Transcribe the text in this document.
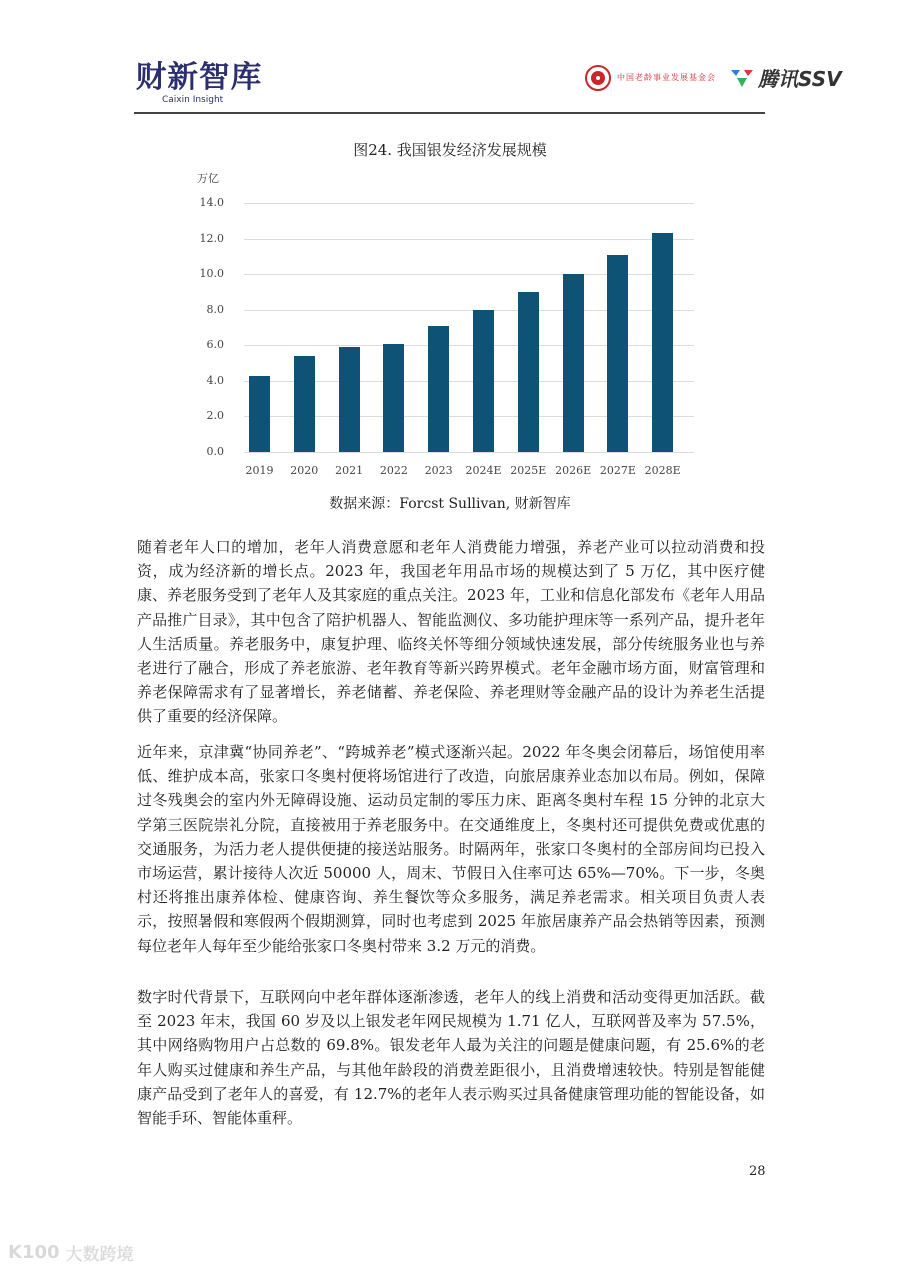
财新智库
Caixin Insight
中国老龄事业发展基金会 腾讯SSV
图24. 我国银发经济发展规模
万亿
0.0
2.0
4.0
6.0
8.0
10.0
12.0
14.0
2019	2020	2021	2022	2023	2024E 2025E 2026E 2027E 2028E
数据来源：Forcst Sullivan, 财新智库
随着老年人口的增加，老年人消费意愿和老年人消费能力增强，养老产业可以拉动消费和投资，成为经济新的增长点。2023 年，我国老年用品市场的规模达到了 5 万亿，其中医疗健康、养老服务受到了老年人及其家庭的重点关注。2023 年，工业和信息化部发布《老年人用品产品推广目录》，其中包含了陪护机器人、智能监测仪、多功能护理床等一系列产品，提升老年人生活质量。养老服务中，康复护理、临终关怀等细分领域快速发展，部分传统服务业也与养老进行了融合，形成了养老旅游、老年教育等新兴跨界模式。老年金融市场方面，财富管理和养老保障需求有了显著增长，养老储蓄、养老保险、养老理财等金融产品的设计为养老生活提供了重要的经济保障。
近年来，京津冀“协同养老”、“跨城养老”模式逐渐兴起。2022 年冬奥会闭幕后，场馆使用率低、维护成本高，张家口冬奥村便将场馆进行了改造，向旅居康养业态加以布局。例如，保障过冬残奥会的室内外无障碍设施、运动员定制的零压力床、距离冬奥村车程 15 分钟的北京大学第三医院崇礼分院，直接被用于养老服务中。在交通维度上，冬奥村还可提供免费或优惠的交通服务，为活力老人提供便捷的接送站服务。时隔两年，张家口冬奥村的全部房间均已投入市场运营，累计接待人次近 50000 人，周末、节假日入住率可达 65%—70%。下一步，冬奥村还将推出康养体检、健康咨询、养生餐饮等众多服务，满足养老需求。相关项目负责人表示，按照暑假和寒假两个假期测算，同时也考虑到 2025 年旅居康养产品会热销等因素，预测每位老年人每年至少能给张家口冬奥村带来 3.2 万元的消费。
数字时代背景下，互联网向中老年群体逐渐渗透，老年人的线上消费和活动变得更加活跃。截至 2023 年末，我国 60 岁及以上银发老年网民规模为 1.71 亿人，互联网普及率为 57.5%，其中网络购物用户占总数的 69.8%。银发老年人最为关注的问题是健康问题，有 25.6%的老年人购买过健康和养生产品，与其他年龄段的消费差距很小，且消费增速较快。特别是智能健康产品受到了老年人的喜爱，有 12.7%的老年人表示购买过具备健康管理功能的智能设备，如智能手环、智能体重秤。
28
K100 大数跨境
